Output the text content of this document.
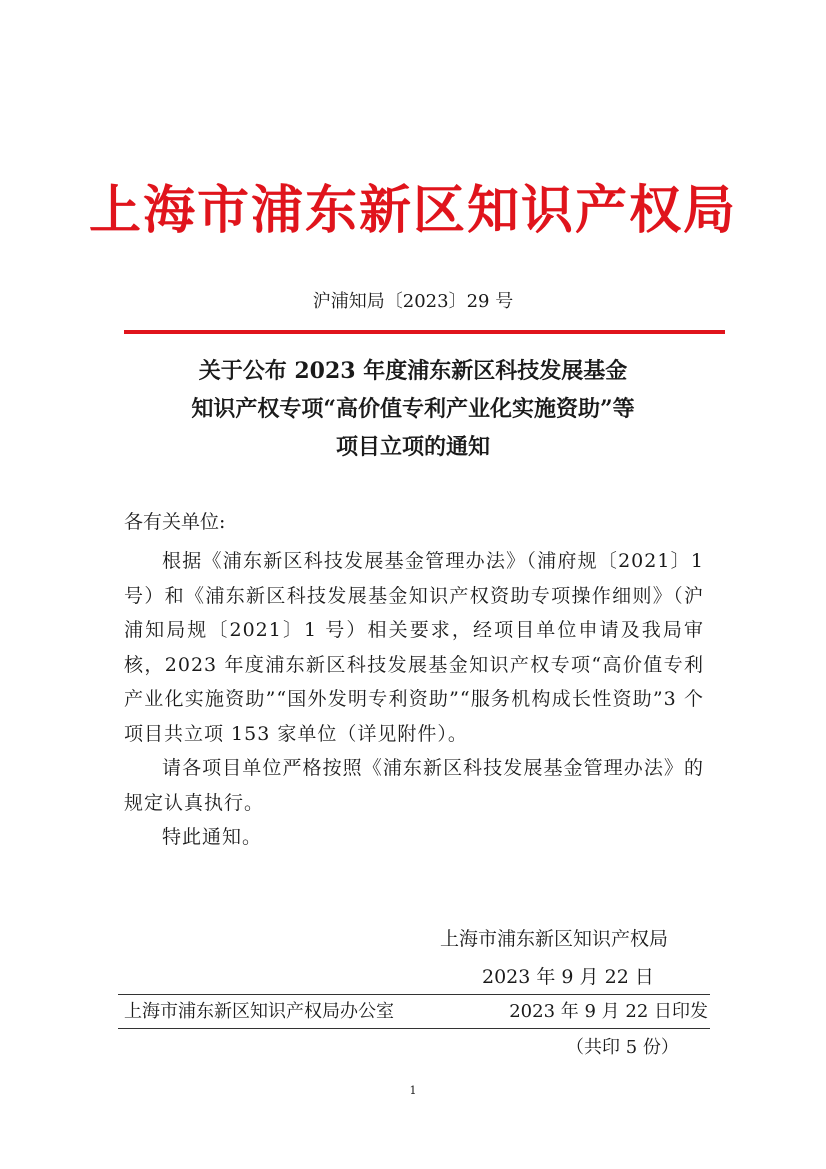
上海市浦东新区知识产权局
沪浦知局〔2023〕29 号
关于公布 2023 年度浦东新区科技发展基金
知识产权专项“高价值专利产业化实施资助”等
项目立项的通知
各有关单位:

根据《浦东新区科技发展基金管理办法》（浦府规〔2021〕1 号）和《浦东新区科技发展基金知识产权资助专项操作细则》（沪浦知局规〔2021〕1 号）相关要求，经项目单位申请及我局审核，2023 年度浦东新区科技发展基金知识产权专项“高价值专利产业化实施资助”“国外发明专利资助”“服务机构成长性资助”3 个项目共立项 153 家单位（详见附件）。

请各项目单位严格按照《浦东新区科技发展基金管理办法》的规定认真执行。

特此通知。

上海市浦东新区知识产权局
2023 年 9 月 22 日
上海市浦东新区知识产权局办公室	2023 年 9 月 22 日印发
（共印 5 份）
1
